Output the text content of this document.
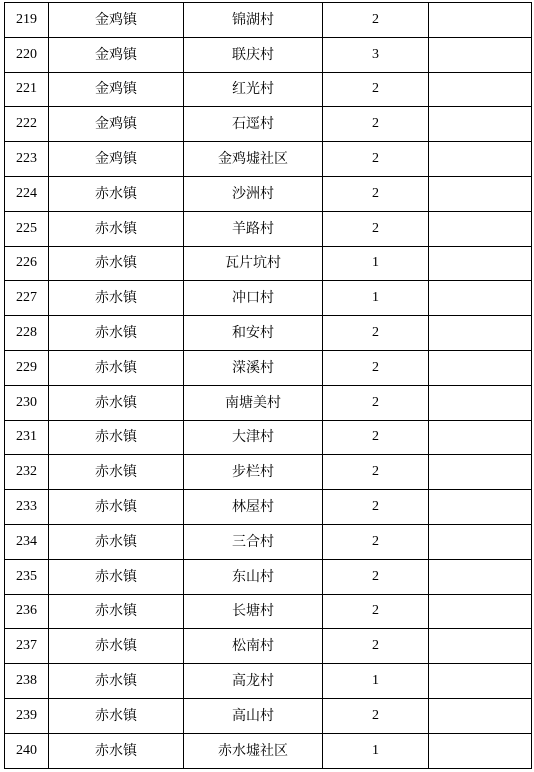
219	金鸡镇	锦湖村	2	
220	金鸡镇	联庆村	3	
221	金鸡镇	红光村	2	
222	金鸡镇	石逕村	2	
223	金鸡镇	金鸡墟社区	2	
224	赤水镇	沙洲村	2	
225	赤水镇	羊路村	2	
226	赤水镇	瓦片坑村	1	
227	赤水镇	冲口村	1	
228	赤水镇	和安村	2	
229	赤水镇	溁溪村	2	
230	赤水镇	南塘美村	2	
231	赤水镇	大津村	2	
232	赤水镇	步栏村	2	
233	赤水镇	林屋村	2	
234	赤水镇	三合村	2	
235	赤水镇	东山村	2	
236	赤水镇	长塘村	2	
237	赤水镇	松南村	2	
238	赤水镇	高龙村	1	
239	赤水镇	高山村	2	
240	赤水镇	赤水墟社区	1	
